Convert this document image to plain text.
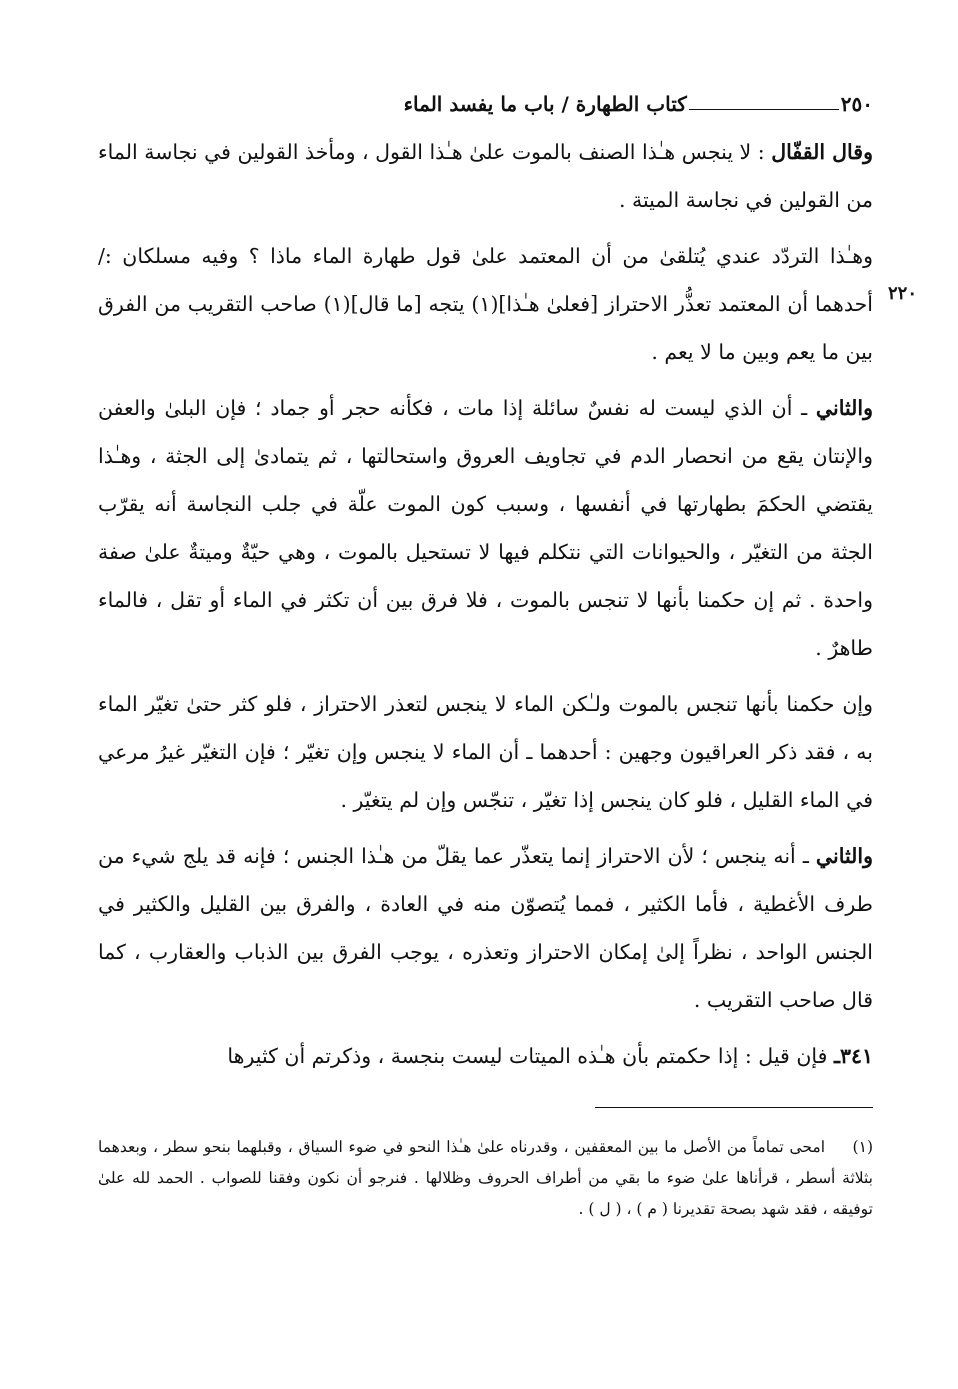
٢٥٠
كتاب الطهارة / باب ما يفسد الماء
٢٢٠

وقال القفّال : لا ينجس هـٰذا الصنف بالموت علىٰ هـٰذا القول ، ومأخذ القولين في نجاسة الماء من القولين في نجاسة الميتة .

وهـٰذا التردّد عندي يُتلقىٰ من أن المعتمد علىٰ قول طهارة الماء ماذا ؟ وفيه مسلكان :/ أحدهما أن المعتمد تعذُّر الاحتراز [فعلىٰ هـٰذا](١) يتجه [ما قال](١) صاحب التقريب من الفرق بين ما يعم وبين ما لا يعم .

والثاني ـ أن الذي ليست له نفسٌ سائلة إذا مات ، فكأنه حجر أو جماد ؛ فإن البلىٰ والعفن والإنتان يقع من انحصار الدم في تجاويف العروق واستحالتها ، ثم يتمادىٰ إلى الجثة ، وهـٰذا يقتضي الحكمَ بطهارتها في أنفسها ، وسبب كون الموت علّة في جلب النجاسة أنه يقرّب الجثة من التغيّر ، والحيوانات التي نتكلم فيها لا تستحيل بالموت ، وهي حيّةٌ وميتةٌ علىٰ صفة واحدة . ثم إن حكمنا بأنها لا تنجس بالموت ، فلا فرق بين أن تكثر في الماء أو تقل ، فالماء طاهرٌ .

وإن حكمنا بأنها تنجس بالموت ولـٰكن الماء لا ينجس لتعذر الاحتراز ، فلو كثر حتىٰ تغيّر الماء به ، فقد ذكر العراقيون وجهين : أحدهما ـ أن الماء لا ينجس وإن تغيّر ؛ فإن التغيّر غيرُ مرعي في الماء القليل ، فلو كان ينجس إذا تغيّر ، تنجّس وإن لم يتغيّر .

والثاني ـ أنه ينجس ؛ لأن الاحتراز إنما يتعذّر عما يقلّ من هـٰذا الجنس ؛ فإنه قد يلج شيء من طرف الأغطية ، فأما الكثير ، فمما يُتصوّن منه في العادة ، والفرق بين القليل والكثير في الجنس الواحد ، نظراً إلىٰ إمكان الاحتراز وتعذره ، يوجب الفرق بين الذباب والعقارب ، كما قال صاحب التقريب .

٣٤١ـ فإن قيل : إذا حكمتم بأن هـٰذه الميتات ليست بنجسة ، وذكرتم أن كثيرها

(١)امحى تماماً من الأصل ما بين المعقفين ، وقدرناه علىٰ هـٰذا النحو في ضوء السياق ، وقبلهما بنحو سطر ، وبعدهما بثلاثة أسطر ، قرأناها علىٰ ضوء ما بقي من أطراف الحروف وظلالها . فنرجو أن نكون وفقنا للصواب . الحمد لله علىٰ توفيقه ، فقد شهد بصحة تقديرنا ( م ) ، ( ل ) .
